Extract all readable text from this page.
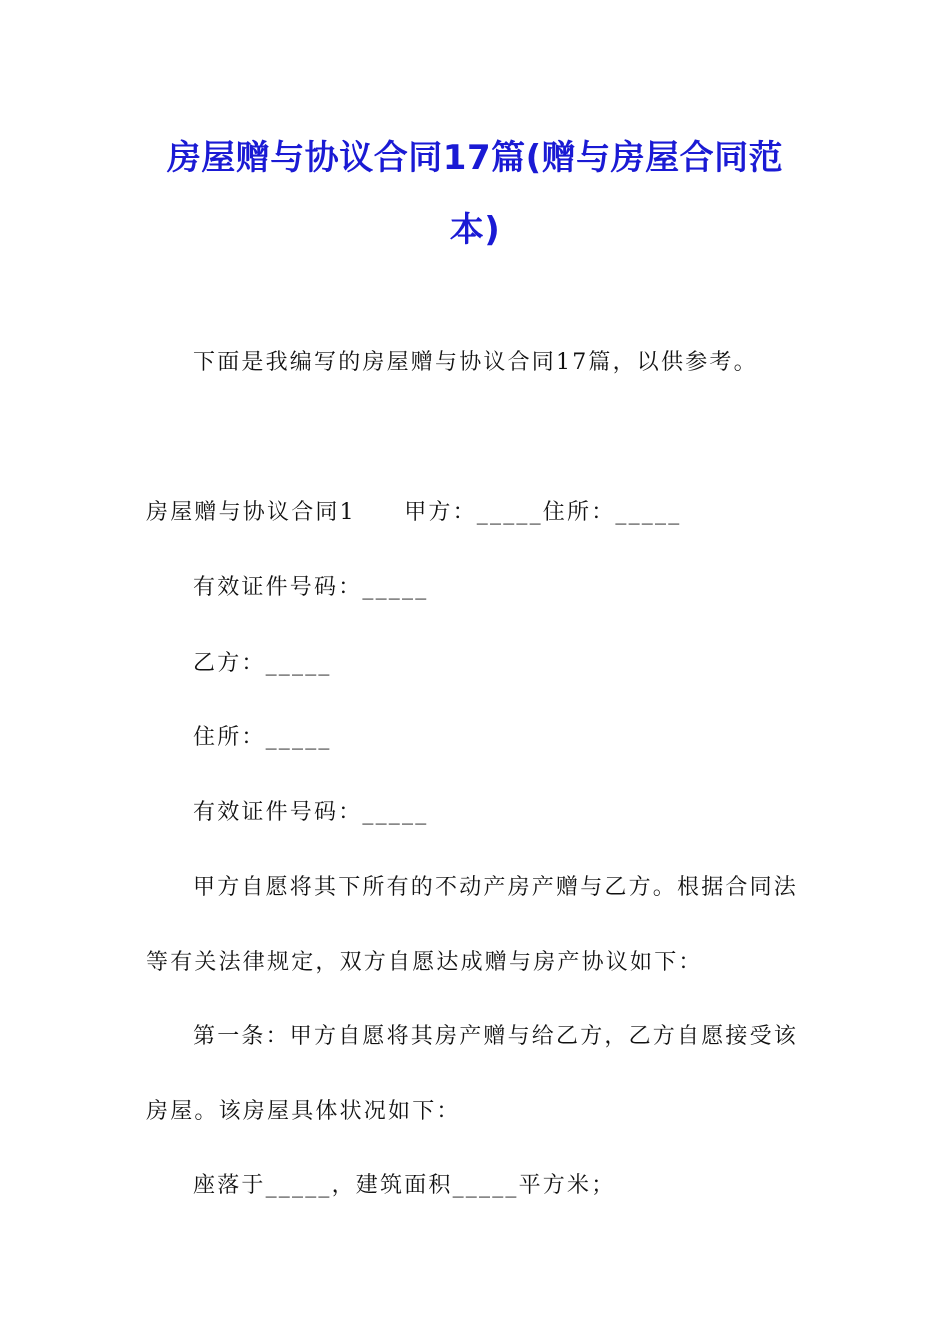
房屋赠与协议合同17篇(赠与房屋合同范
本)

下面是我编写的房屋赠与协议合同17篇，以供参考。

房屋赠与协议合同1　　甲方：_____住所：_____

有效证件号码：_____

乙方：_____

住所：_____

有效证件号码：_____

甲方自愿将其下所有的不动产房产赠与乙方。根据合同法

等有关法律规定，双方自愿达成赠与房产协议如下：

第一条：甲方自愿将其房产赠与给乙方，乙方自愿接受该

房屋。该房屋具体状况如下：

座落于_____，建筑面积_____平方米；
